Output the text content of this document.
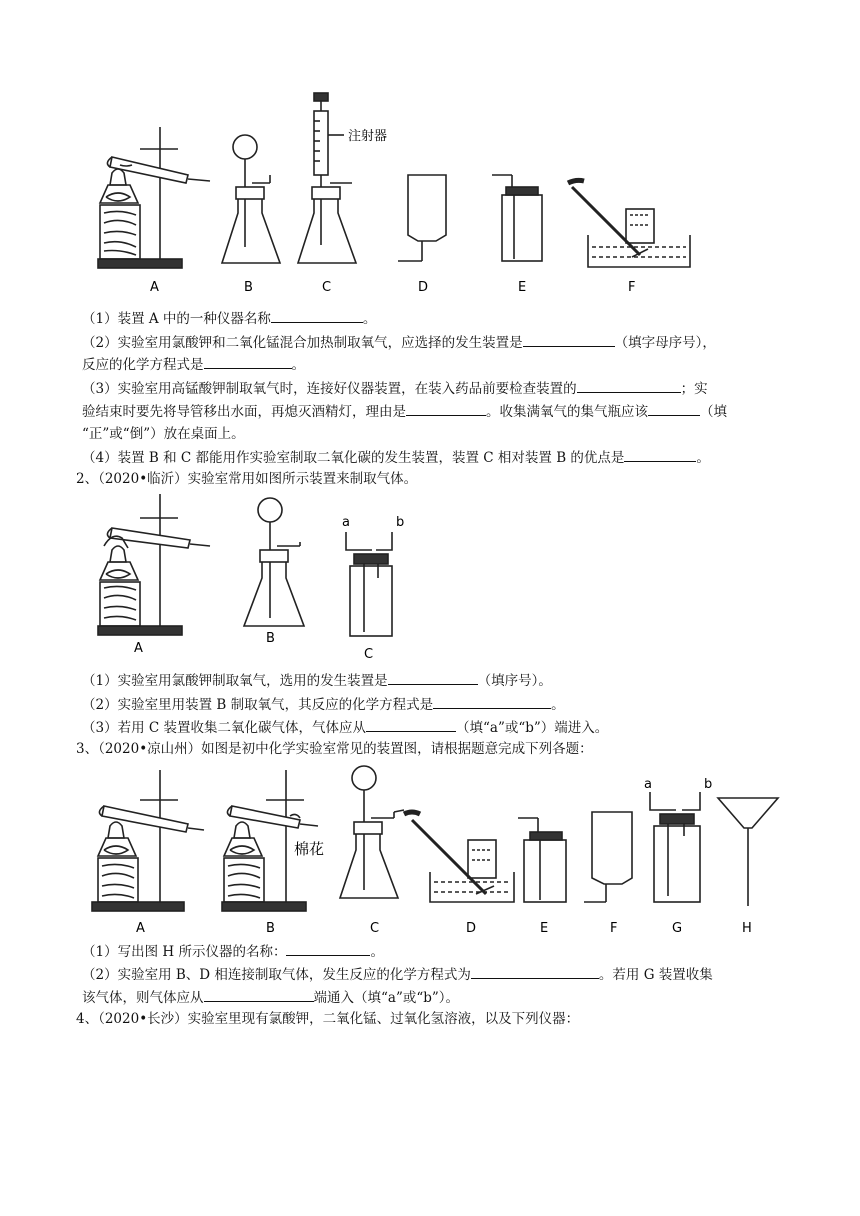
注射器
A	B	C	D	E	F
（1）装置 A 中的一种仪器名称	。
（2）实验室用氯酸钾和二氧化锰混合加热制取氧气，应选择的发生装置是	（填字母序号），
反应的化学方程式是	。
（3）实验室用高锰酸钾制取氧气时，连接好仪器装置，在装入药品前要检查装置的	；实
验结束时要先将导管移出水面，再熄灭酒精灯，理由是	。收集满氧气的集气瓶应该	（填
“正”或“倒”）放在桌面上。
（4）装置 B 和 C 都能用作实验室制取二氧化碳的发生装置，装置 C 相对装置 B 的优点是	。
2、（2020•临沂）实验室常用如图所示装置来制取气体。
a	b
A
B
C
（1）实验室用氯酸钾制取氧气，选用的发生装置是	（填序号）。
（2）实验室里用装置 B 制取氧气，其反应的化学方程式是	。
（3）若用 C 装置收集二氧化碳气体，气体应从	（填“a”或“b”）端进入。
3、（2020•凉山州）如图是初中化学实验室常见的装置图，请根据题意完成下列各题：
棉花
a	b
A	B	C	D	E	F	G	H
（1）写出图 H 所示仪器的名称：	。
（2）实验室用 B、D 相连接制取气体，发生反应的化学方程式为	。若用 G 装置收集
该气体，则气体应从	端通入（填“a”或“b”）。
4、（2020•长沙）实验室里现有氯酸钾，二氧化锰、过氧化氢溶液，以及下列仪器：
